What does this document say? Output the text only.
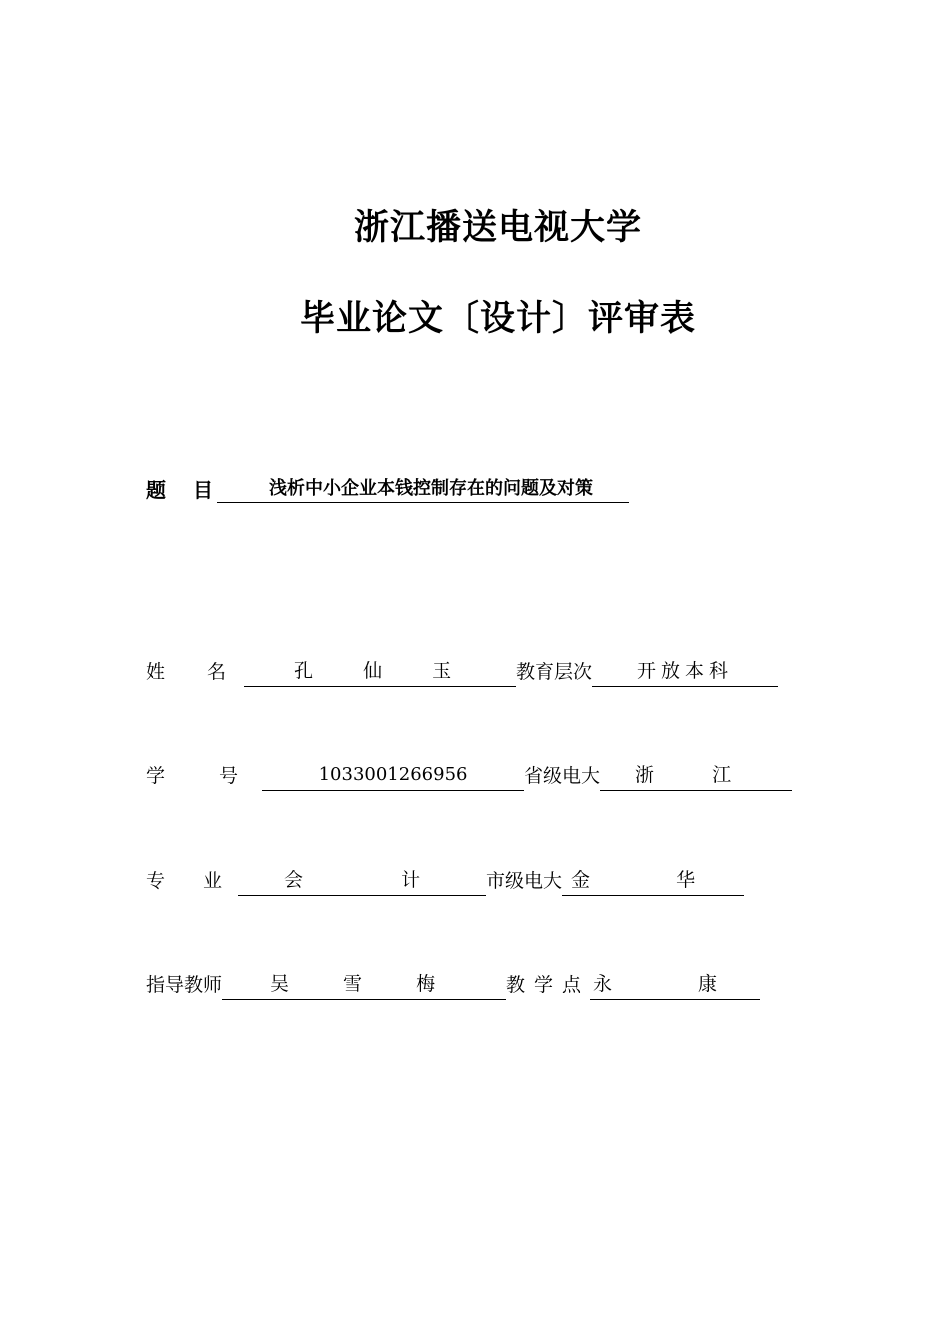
浙江播送电视大学
毕业论文〔设计〕评审表
题 目	浅析中小企业本钱控制存在的问题及对策
姓 名	孔 仙 玉 教育层次 开放本科
学 号	1033001266956	省级电大 浙 江
专 业 会 计 市级电大 金 华
指导教师	吴 雪 梅 教学点 永 康
